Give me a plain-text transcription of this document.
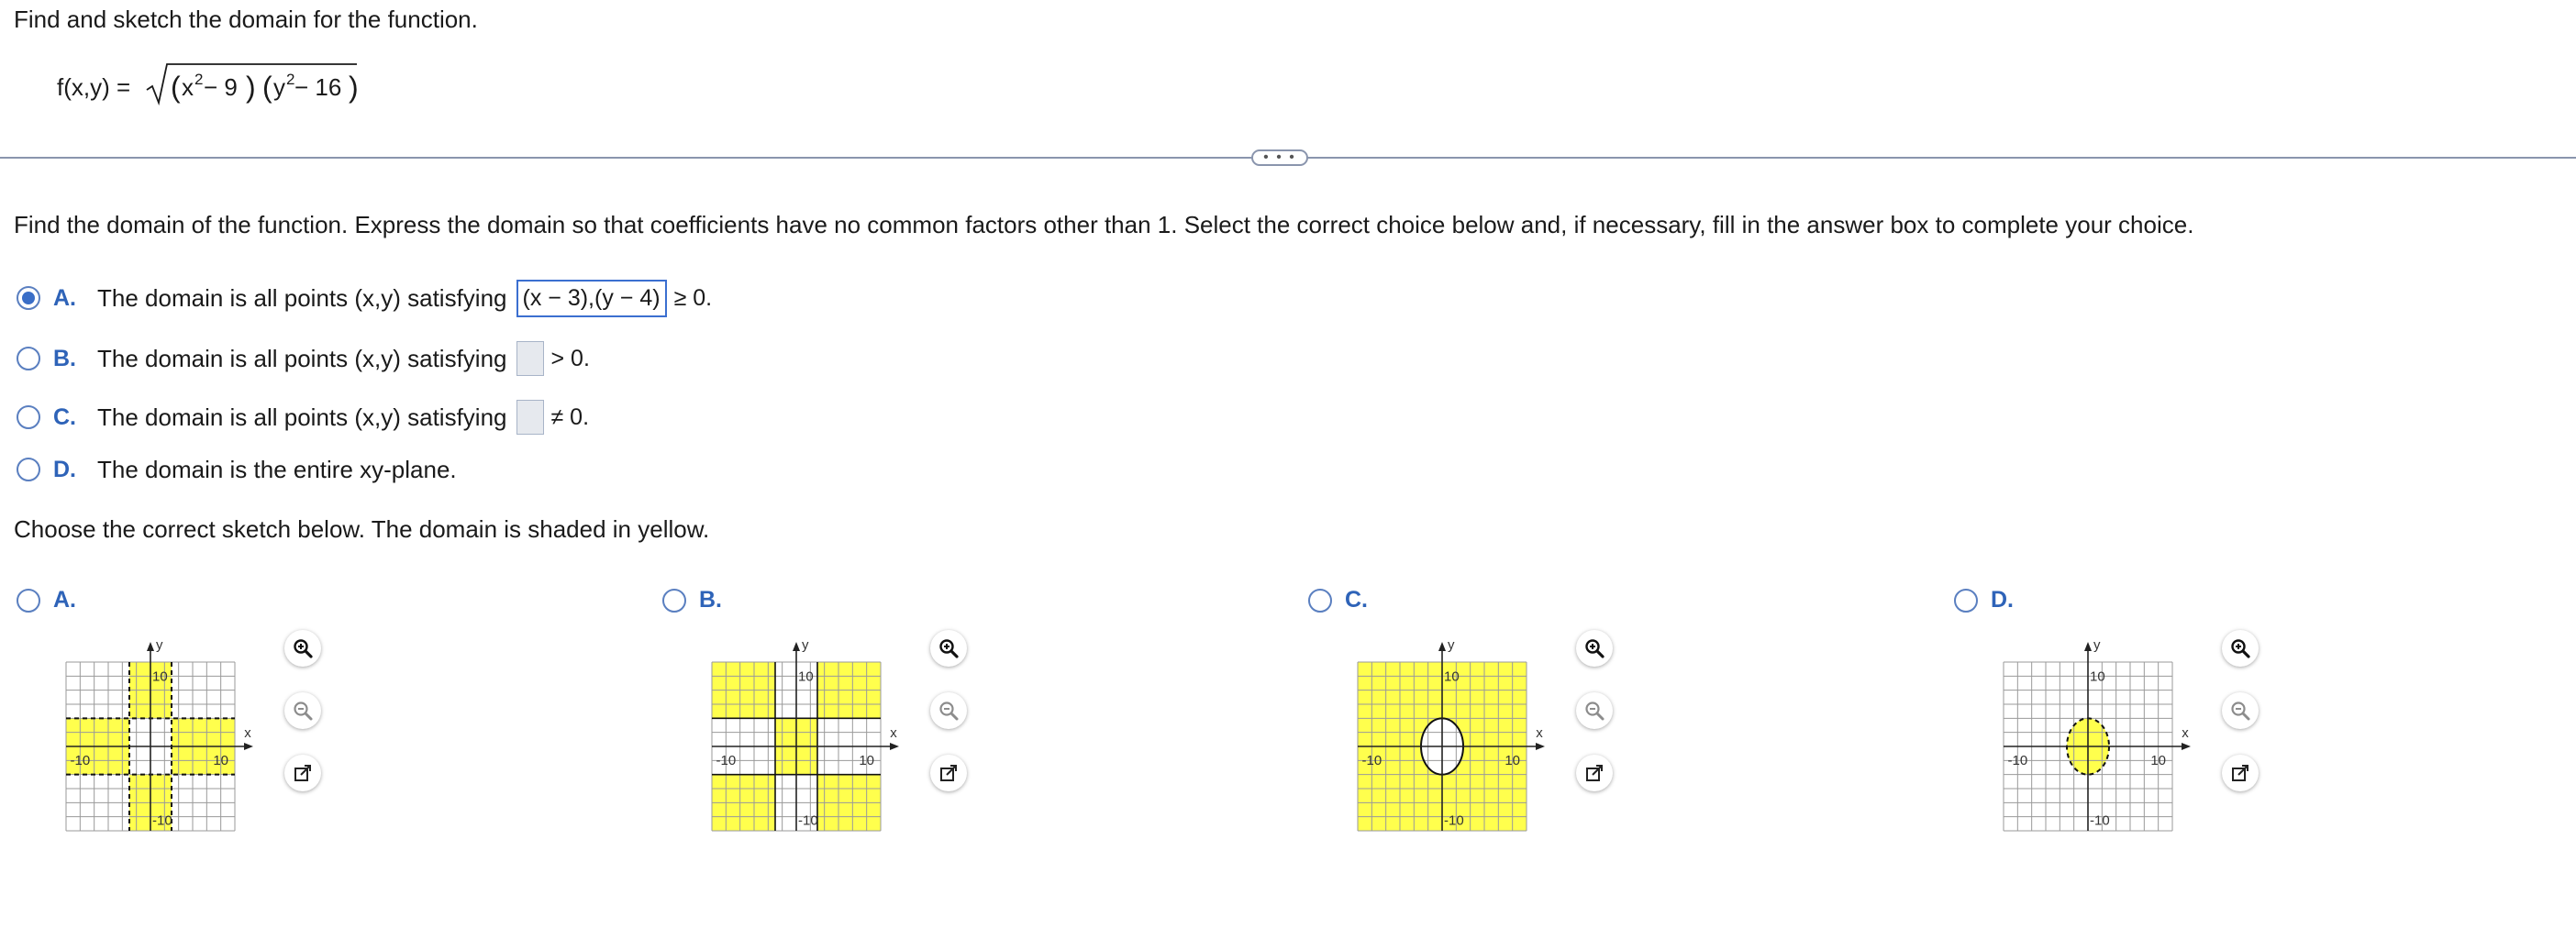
Find and sketch the domain for the function.
f(x,y) = ( x 2 − 9 ) ( y 2 − 16 )
• • •
Find the domain of the function. Express the domain so that coefficients have no common factors other than 1. Select the correct choice below and, if necessary, fill in the answer box to complete your choice.
A. The domain is all points (x,y) satisfying (x − 3),(y − 4) ≥ 0.
B. The domain is all points (x,y) satisfying > 0.
C. The domain is all points (x,y) satisfying ≠ 0.
D. The domain is the entire xy-plane.
Choose the correct sketch below. The domain is shaded in yellow.
A.	B.	C.	D.
y
x
10
-10
-10	10
y
x
10
-10
-10	10
y
x
10
-10
-10	10
y
x
10
-10
-10	10
